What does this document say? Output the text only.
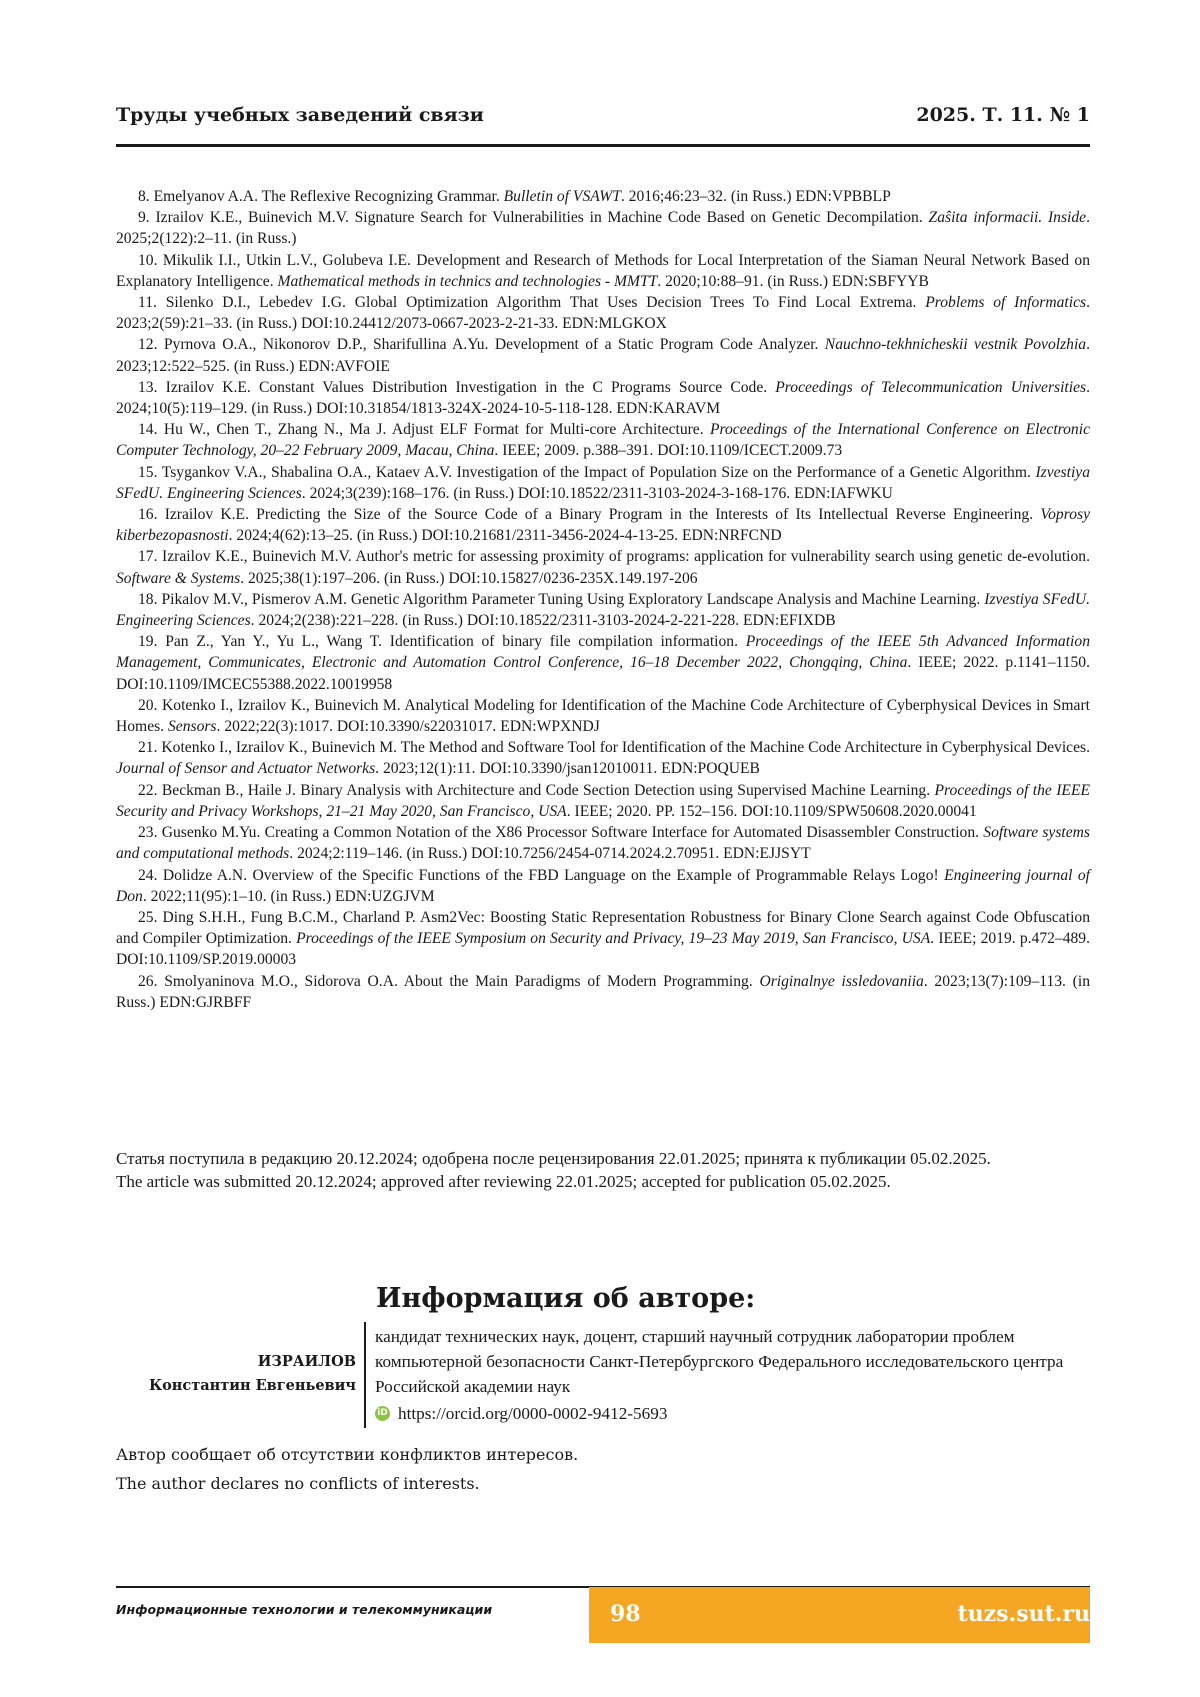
Труды учебных заведений связи	2025. Т. 11. № 1

8. Emelyanov A.A. The Reflexive Recognizing Grammar. Bulletin of VSAWT. 2016;46:23–32. (in Russ.) EDN:VPBBLP

9. Izrailov K.E., Buinevich M.V. Signature Search for Vulnerabilities in Machine Code Based on Genetic Decompilation. Zaŝita informacii. Inside. 2025;2(122):2–11. (in Russ.)

10. Mikulik I.I., Utkin L.V., Golubeva I.E. Development and Research of Methods for Local Interpretation of the Siaman Neural Network Based on Explanatory Intelligence. Mathematical methods in technics and technologies - MMTT. 2020;10:88–91. (in Russ.) EDN:SBFYYB

11. Silenko D.I., Lebedev I.G. Global Optimization Algorithm That Uses Decision Trees To Find Local Extrema. Problems of Informatics. 2023;2(59):21–33. (in Russ.) DOI:10.24412/2073-0667-2023-2-21-33. EDN:MLGKOX

12. Pyrnova O.A., Nikonorov D.P., Sharifullina A.Yu. Development of a Static Program Code Analyzer. Nauchno-tekhnicheskii vestnik Povolzhia. 2023;12:522–525. (in Russ.) EDN:AVFOIE

13. Izrailov K.E. Constant Values Distribution Investigation in the C Programs Source Code. Proceedings of Telecommunication Universities. 2024;10(5):119–129. (in Russ.) DOI:10.31854/1813-324X-2024-10-5-118-128. EDN:KARAVM

14. Hu W., Chen T., Zhang N., Ma J. Adjust ELF Format for Multi-core Architecture. Proceedings of the International Conference on Electronic Computer Technology, 20–22 February 2009, Macau, China. IEEE; 2009. p.388–391. DOI:10.1109/ICECT.2009.73

15. Tsygankov V.A., Shabalina O.A., Kataev A.V. Investigation of the Impact of Population Size on the Performance of a Genetic Algorithm. Izvestiya SFedU. Engineering Sciences. 2024;3(239):168–176. (in Russ.) DOI:10.18522/2311-3103-2024-3-168-176. EDN:IAFWKU

16. Izrailov K.E. Predicting the Size of the Source Code of a Binary Program in the Interests of Its Intellectual Reverse Engineering. Voprosy kiberbezopasnosti. 2024;4(62):13–25. (in Russ.) DOI:10.21681/2311-3456-2024-4-13-25. EDN:NRFCND

17. Izrailov K.E., Buinevich M.V. Author's metric for assessing proximity of programs: application for vulnerability search using genetic de-evolution. Software & Systems. 2025;38(1):197–206. (in Russ.) DOI:10.15827/0236-235X.149.197-206

18. Pikalov M.V., Pismerov A.M. Genetic Algorithm Parameter Tuning Using Exploratory Landscape Analysis and Machine Learning. Izvestiya SFedU. Engineering Sciences. 2024;2(238):221–228. (in Russ.) DOI:10.18522/2311-3103-2024-2-221-228. EDN:EFIXDB

19. Pan Z., Yan Y., Yu L., Wang T. Identification of binary file compilation information. Proceedings of the IEEE 5th Advanced Information Management, Communicates, Electronic and Automation Control Conference, 16–18 December 2022, Chongqing, China. IEEE; 2022. p.1141–1150. DOI:10.1109/IMCEC55388.2022.10019958

20. Kotenko I., Izrailov K., Buinevich M. Analytical Modeling for Identification of the Machine Code Architecture of Cyberphysical Devices in Smart Homes. Sensors. 2022;22(3):1017. DOI:10.3390/s22031017. EDN:WPXNDJ

21. Kotenko I., Izrailov K., Buinevich M. The Method and Software Tool for Identification of the Machine Code Architecture in Cyberphysical Devices. Journal of Sensor and Actuator Networks. 2023;12(1):11. DOI:10.3390/jsan12010011. EDN:POQUEB

22. Beckman B., Haile J. Binary Analysis with Architecture and Code Section Detection using Supervised Machine Learning. Proceedings of the IEEE Security and Privacy Workshops, 21–21 May 2020, San Francisco, USA. IEEE; 2020. PP. 152–156. DOI:10.1109/SPW50608.2020.00041

23. Gusenko M.Yu. Creating a Common Notation of the X86 Processor Software Interface for Automated Disassembler Construction. Software systems and computational methods. 2024;2:119–146. (in Russ.) DOI:10.7256/2454-0714.2024.2.70951. EDN:EJJSYT

24. Dolidze A.N. Overview of the Specific Functions of the FBD Language on the Example of Programmable Relays Logo! Engineering journal of Don. 2022;11(95):1–10. (in Russ.) EDN:UZGJVM

25. Ding S.H.H., Fung B.C.M., Charland P. Asm2Vec: Boosting Static Representation Robustness for Binary Clone Search against Code Obfuscation and Compiler Optimization. Proceedings of the IEEE Symposium on Security and Privacy, 19–23 May 2019, San Francisco, USA. IEEE; 2019. p.472–489. DOI:10.1109/SP.2019.00003

26. Smolyaninova M.O., Sidorova O.A. About the Main Paradigms of Modern Programming. Originalnye issledovaniia. 2023;13(7):109–113. (in Russ.) EDN:GJRBFF

Статья поступила в редакцию 20.12.2024; одобрена после рецензирования 22.01.2025; принята к публикации 05.02.2025.

The article was submitted 20.12.2024; approved after reviewing 22.01.2025; accepted for publication 05.02.2025.

Информация об авторе:
ИЗРАИЛОВ
Константин Евгеньевич
кандидат технических наук, доцент, старший научный сотрудник лаборатории проблем компьютерной безопасности Санкт-Петербургского Федерального исследовательского центра Российской академии наук
iD https://orcid.org/0000-0002-9412-5693

Автор сообщает об отсутствии конфликтов интересов.

The author declares no conflicts of interests.

Информационные технологии и телекоммуникации	98	tuzs.sut.ru
